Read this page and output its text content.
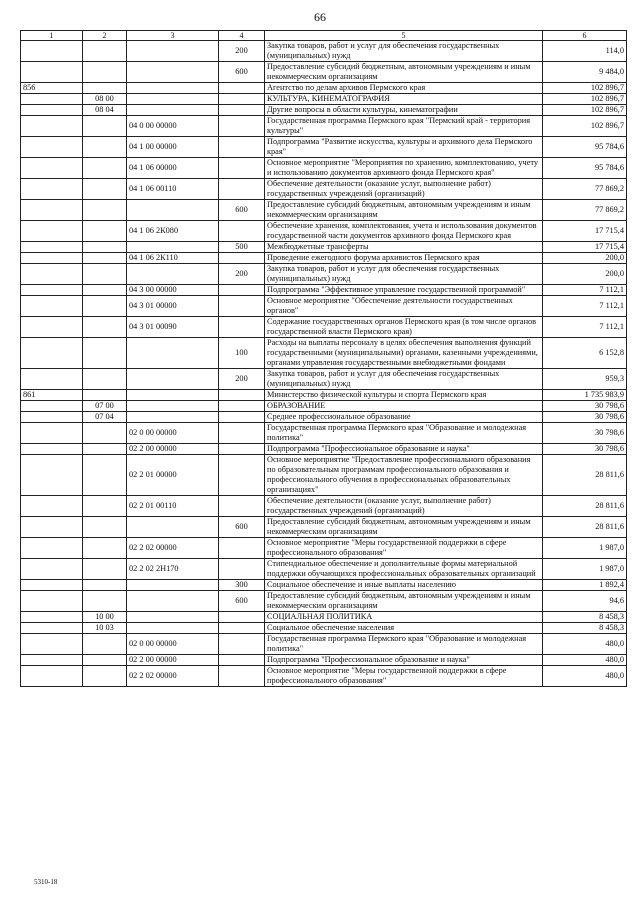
66
1	2	3	4	5	6
			200	Закупка товаров, работ и услуг для обеспечения государственных (муниципальных) нужд	114,0
			600	Предоставление субсидий бюджетным, автономным учреждениям и иным некоммерческим организациям	9 484,0
856				Агентство по делам архивов Пермского края	102 896,7
	08 00			КУЛЬТУРА, КИНЕМАТОГРАФИЯ	102 896,7
	08 04			Другие вопросы в области культуры, кинематографии	102 896,7
		04 0 00 00000		Государственная программа Пермского края "Пермский край - территория культуры"	102 896,7
		04 1 00 00000		Подпрограмма "Развитие искусства, культуры и архивного дела Пермского края"	95 784,6
		04 1 06 00000		Основное мероприятие "Мероприятия по хранению, комплектованию, учету и использованию документов архивного фонда Пермского края"	95 784,6
		04 1 06 00110		Обеспечение деятельности (оказание услуг, выполнение работ) государственных учреждений (организаций)	77 869,2
			600	Предоставление субсидий бюджетным, автономным учреждениям и иным некоммерческим организациям	77 869,2
		04 1 06 2К080		Обеспечение хранения, комплектования, учета и использования документов государственной части документов архивного фонда Пермского края	17 715,4
			500	Межбюджетные трансферты	17 715,4
		04 1 06 2К110		Проведение ежегодного форума архивистов Пермского края	200,0
			200	Закупка товаров, работ и услуг для обеспечения государственных (муниципальных) нужд	200,0
		04 3 00 00000		Подпрограмма "Эффективное управление государственной программой"	7 112,1
		04 3 01 00000		Основное мероприятие "Обеспечение деятельности государственных органов"	7 112,1
		04 3 01 00090		Содержание государственных органов Пермского края (в том числе органов государственной власти Пермского края)	7 112,1
			100	Расходы на выплаты персоналу в целях обеспечения выполнения функций государственными (муниципальными) органами, казенными учреждениями, органами управления государственными внебюджетными фондами	6 152,8
			200	Закупка товаров, работ и услуг для обеспечения государственных (муниципальных) нужд	959,3
861				Министерство физической культуры и спорта Пермского края	1 735 983,9
	07 00			ОБРАЗОВАНИЕ	30 798,6
	07 04			Среднее профессиональное образование	30 798,6
		02 0 00 00000		Государственная программа Пермского края "Образование и молодежная политика"	30 798,6
		02 2 00 00000		Подпрограмма "Профессиональное образование и наука"	30 798,6
		02 2 01 00000		Основное мероприятие "Предоставление профессионального образования по образовательным программам профессионального образования и профессионального обучения в профессиональных образовательных организациях"	28 811,6
		02 2 01 00110		Обеспечение деятельности (оказание услуг, выполнение работ) государственных учреждений (организаций)	28 811,6
			600	Предоставление субсидий бюджетным, автономным учреждениям и иным некоммерческим организациям	28 811,6
		02 2 02 00000		Основное мероприятие "Меры государственной поддержки в сфере профессионального образования"	1 987,0
		02 2 02 2Н170		Стипендиальное обеспечение и дополнительные формы материальной поддержки обучающихся профессиональных образовательных организаций	1 987,0
			300	Социальное обеспечение и иные выплаты населению	1 892,4
			600	Предоставление субсидий бюджетным, автономным учреждениям и иным некоммерческим организациям	94,6
	10 00			СОЦИАЛЬНАЯ ПОЛИТИКА	8 458,3
	10 03			Социальное обеспечение населения	8 458,3
		02 0 00 00000		Государственная программа Пермского края "Образование и молодежная политика"	480,0
		02 2 00 00000		Подпрограмма "Профессиональное образование и наука"	480,0
		02 2 02 00000		Основное мероприятие "Меры государственной поддержки в сфере профессионального образования"	480,0
5310-18
